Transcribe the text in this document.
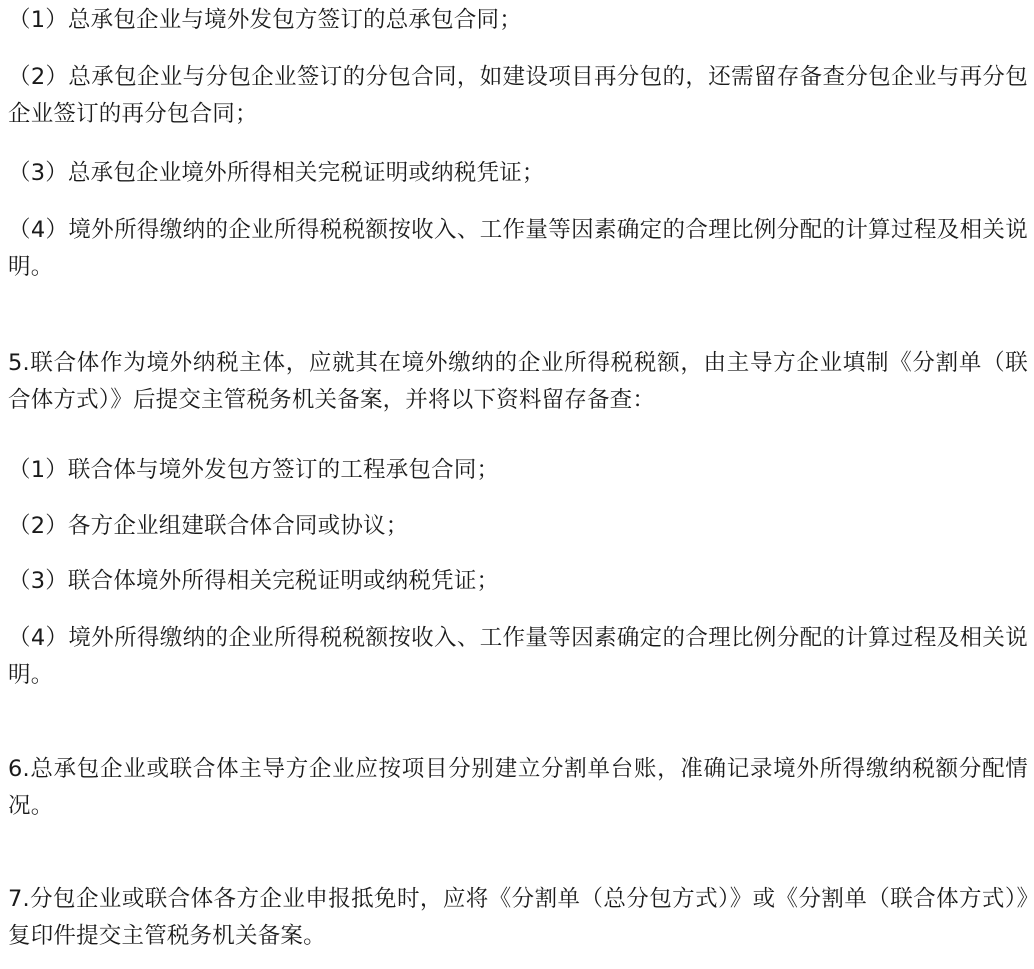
（1）总承包企业与境外发包方签订的总承包合同；

（2）总承包企业与分包企业签订的分包合同，如建设项目再分包的，还需留存备查分包企业与再分包企业签订的再分包合同；

（3）总承包企业境外所得相关完税证明或纳税凭证；

（4）境外所得缴纳的企业所得税税额按收入、工作量等因素确定的合理比例分配的计算过程及相关说明。

5.联合体作为境外纳税主体，应就其在境外缴纳的企业所得税税额，由主导方企业填制《分割单（联合体方式）》后提交主管税务机关备案，并将以下资料留存备查：

（1）联合体与境外发包方签订的工程承包合同；

（2）各方企业组建联合体合同或协议；

（3）联合体境外所得相关完税证明或纳税凭证；

（4）境外所得缴纳的企业所得税税额按收入、工作量等因素确定的合理比例分配的计算过程及相关说明。

6.总承包企业或联合体主导方企业应按项目分别建立分割单台账，准确记录境外所得缴纳税额分配情况。

7.分包企业或联合体各方企业申报抵免时，应将《分割单（总分包方式）》或《分割单（联合体方式）》复印件提交主管税务机关备案。
